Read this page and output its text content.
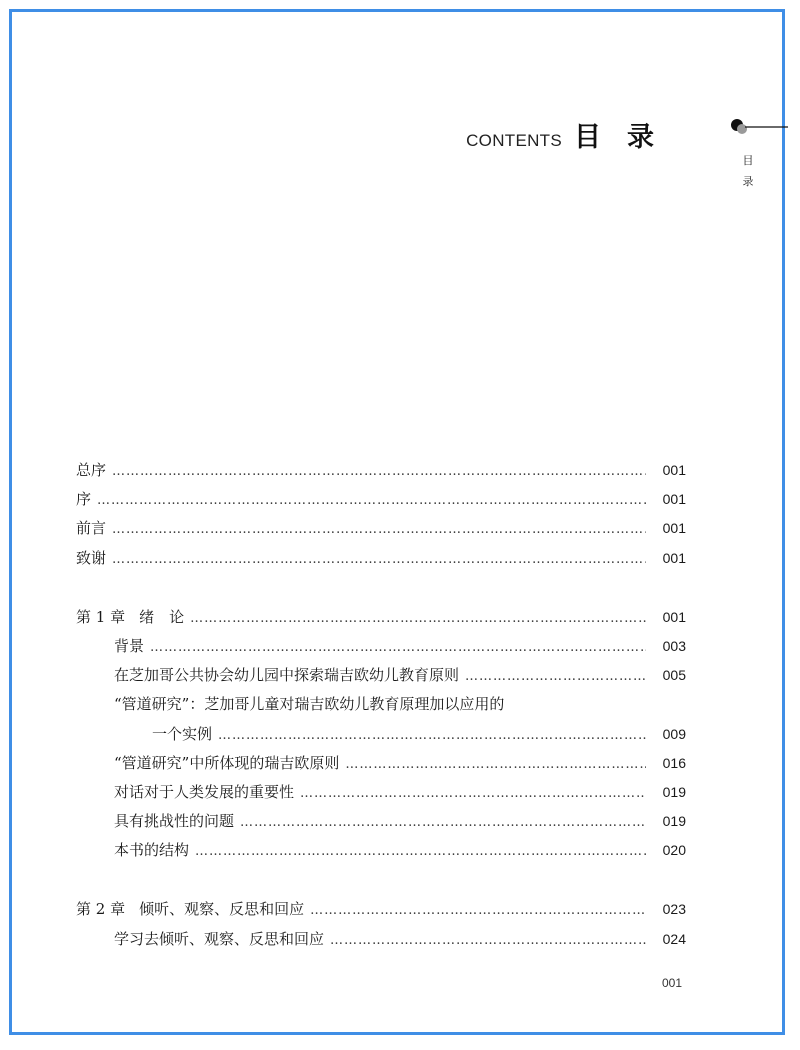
CONTENTS 目录
目录
总序 …………………………………………………………………………………………………………………………………………………………………………………………………………	001
序 …………………………………………………………………………………………………………………………………………………………………………………………………………	001
前言 …………………………………………………………………………………………………………………………………………………………………………………………………………	001
致谢 …………………………………………………………………………………………………………………………………………………………………………………………………………	001
第 1 章 绪　论 …………………………………………………………………………………………………………………………………………………………………………………………………………	001
背景 …………………………………………………………………………………………………………………………………………………………………………………………………………	003
在芝加哥公共协会幼儿园中探索瑞吉欧幼儿教育原则 …………………………………………………………………………………………………………………………………………………………………………………………………………	005
“管道研究”：芝加哥儿童对瑞吉欧幼儿教育原理加以应用的
一个实例 …………………………………………………………………………………………………………………………………………………………………………………………………………	009
“管道研究”中所体现的瑞吉欧原则 …………………………………………………………………………………………………………………………………………………………………………………………………………	016
对话对于人类发展的重要性 …………………………………………………………………………………………………………………………………………………………………………………………………………	019
具有挑战性的问题 …………………………………………………………………………………………………………………………………………………………………………………………………………	019
本书的结构 …………………………………………………………………………………………………………………………………………………………………………………………………………	020
第 2 章 倾听、观察、反思和回应 …………………………………………………………………………………………………………………………………………………………………………………………………………	023
学习去倾听、观察、反思和回应 …………………………………………………………………………………………………………………………………………………………………………………………………………	024
001
